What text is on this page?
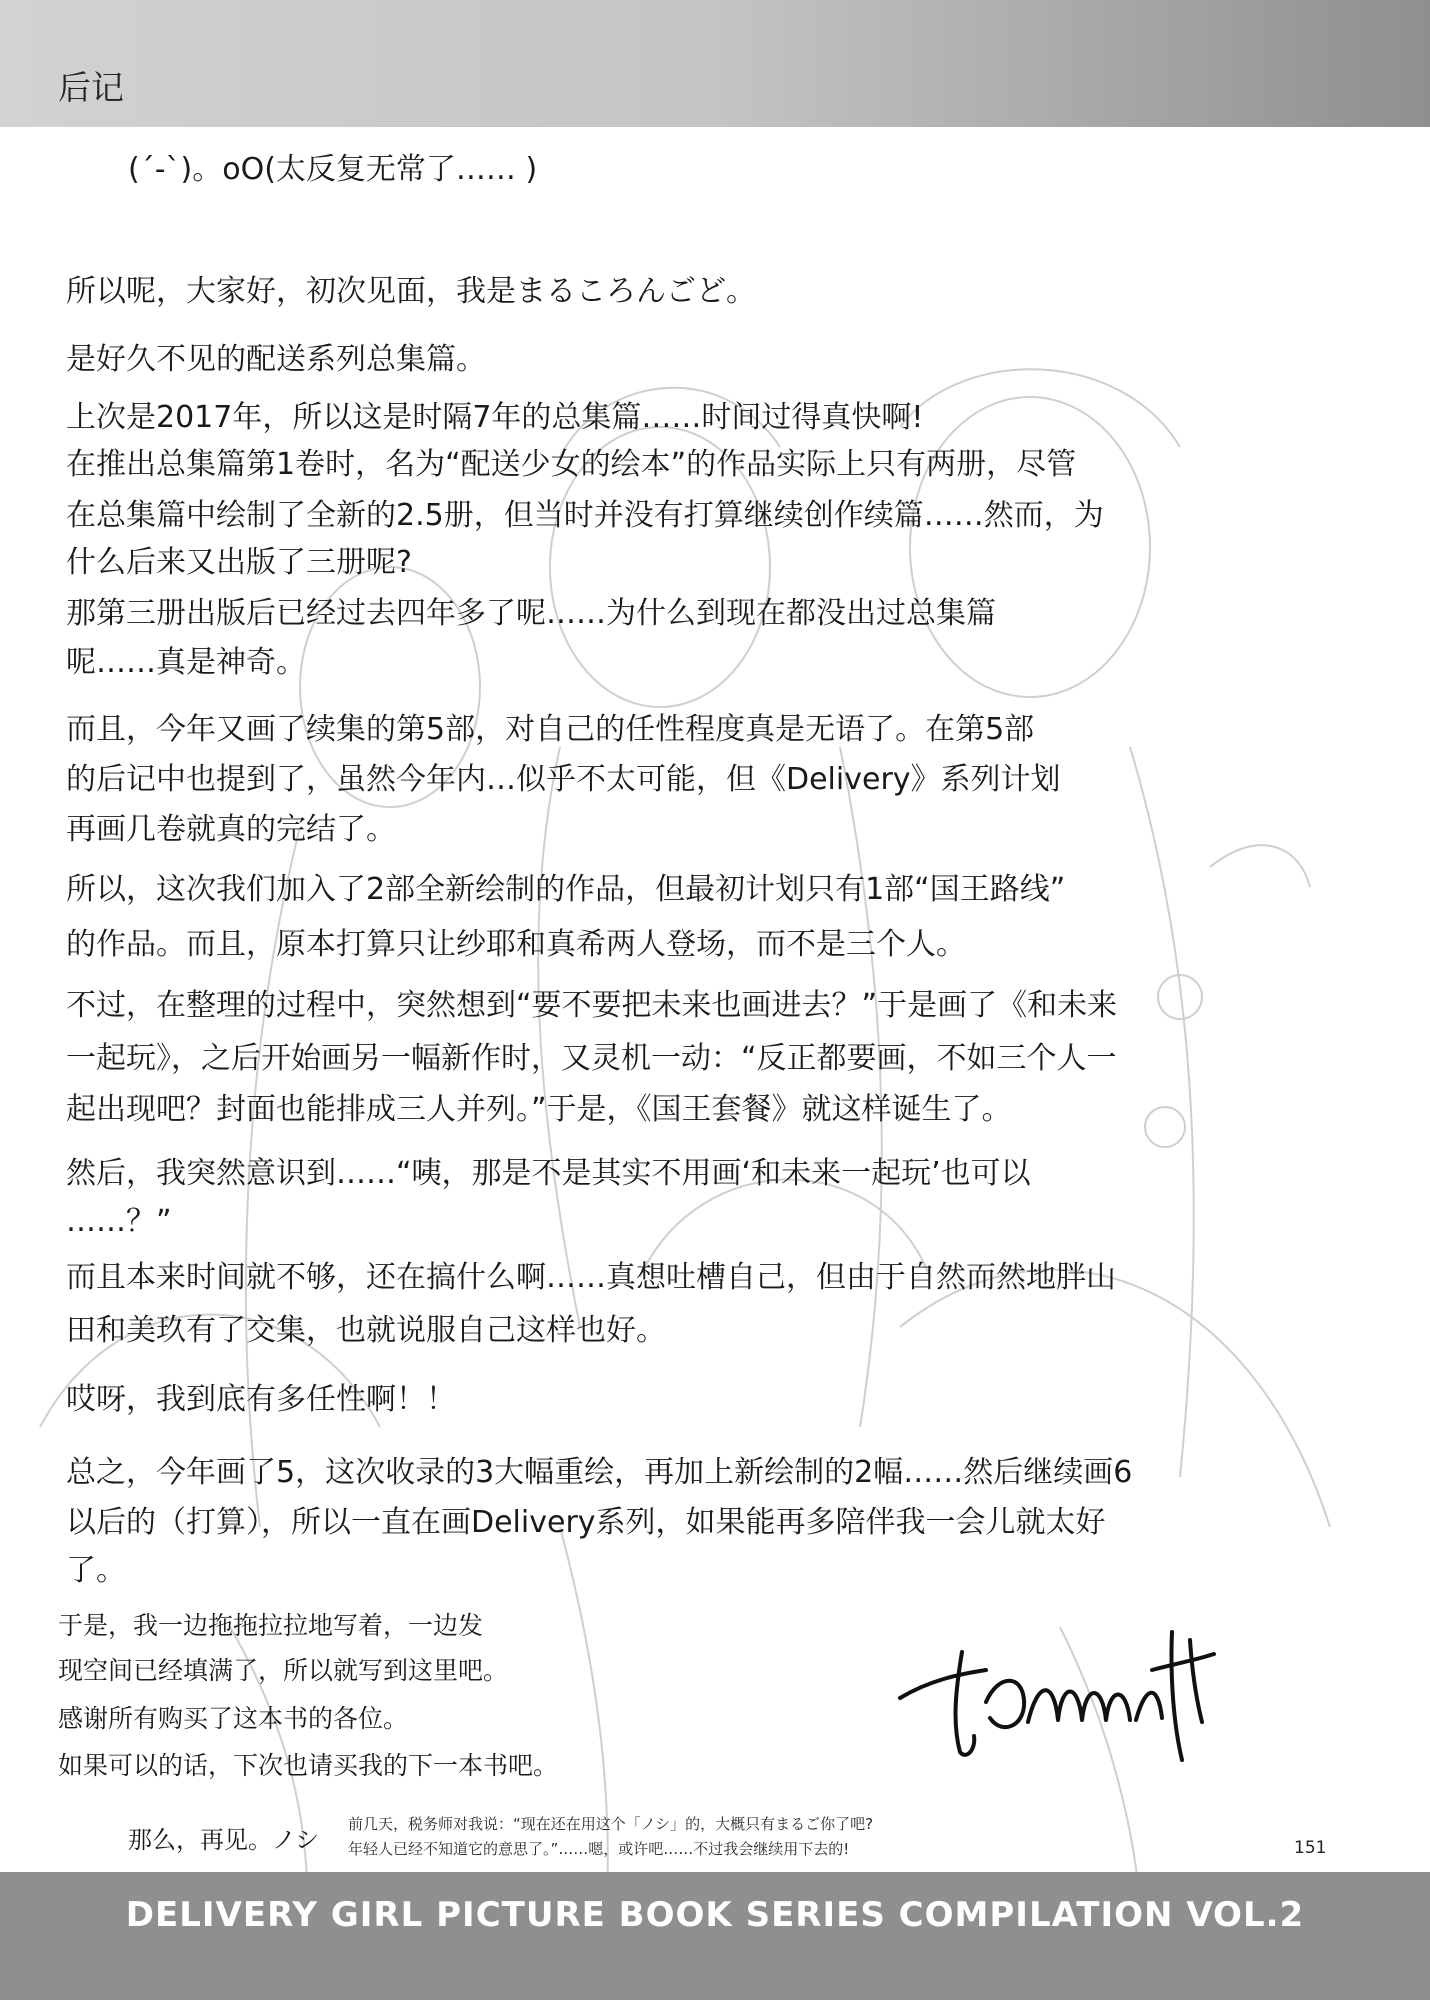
后记
(´-`)。oO(太反复无常了…… )
所以呢，大家好，初次见面，我是まるころんごど。
是好久不见的配送系列总集篇。
上次是2017年，所以这是时隔7年的总集篇……时间过得真快啊!
在推出总集篇第1卷时，名为“配送少女的绘本”的作品实际上只有两册，尽管
在总集篇中绘制了全新的2.5册，但当时并没有打算继续创作续篇……然而，为
什么后来又出版了三册呢?
那第三册出版后已经过去四年多了呢……为什么到现在都没出过总集篇
呢……真是神奇。
而且，今年又画了续集的第5部，对自己的任性程度真是无语了。在第5部
的后记中也提到了，虽然今年内…似乎不太可能，但《Delivery》系列计划
再画几卷就真的完结了。
所以，这次我们加入了2部全新绘制的作品，但最初计划只有1部“国王路线”
的作品。而且，原本打算只让纱耶和真希两人登场，而不是三个人。
不过，在整理的过程中，突然想到“要不要把未来也画进去？”于是画了《和未来
一起玩》，之后开始画另一幅新作时，又灵机一动：“反正都要画，不如三个人一
起出现吧？封面也能排成三人并列。”于是，《国王套餐》就这样诞生了。
然后，我突然意识到……“咦，那是不是其实不用画‘和未来一起玩’也可以
……？”
而且本来时间就不够，还在搞什么啊……真想吐槽自己，但由于自然而然地胖山
田和美玖有了交集，也就说服自己这样也好。
哎呀，我到底有多任性啊！！
总之，今年画了5，这次收录的3大幅重绘，再加上新绘制的2幅……然后继续画6
以后的（打算），所以一直在画Delivery系列，如果能再多陪伴我一会儿就太好
了。
于是，我一边拖拖拉拉地写着，一边发
现空间已经填满了，所以就写到这里吧。
感谢所有购买了这本书的各位。
如果可以的话，下次也请买我的下一本书吧。
那么，再见。ノシ
前几天，税务师对我说：“现在还在用这个「ノシ」的，大概只有まるご你了吧?
年轻人已经不知道它的意思了。”……嗯，或许吧……不过我会继续用下去的!	151
DELIVERY GIRL PICTURE BOOK SERIES COMPILATION VOL.2
